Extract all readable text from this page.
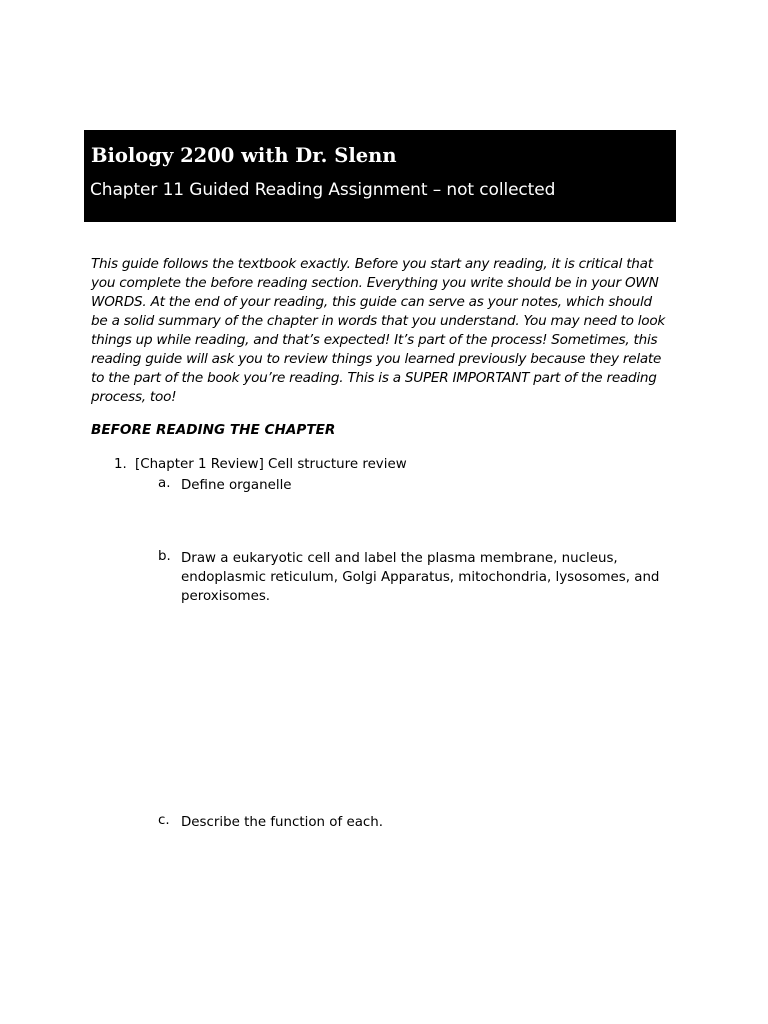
Biology 2200 with Dr. Slenn
Chapter 11 Guided Reading Assignment – not collected

This guide follows the textbook exactly. Before you start any reading, it is critical that
you complete the before reading section. Everything you write should be in your OWN
WORDS. At the end of your reading, this guide can serve as your notes, which should
be a solid summary of the chapter in words that you understand. You may need to look
things up while reading, and that’s expected! It’s part of the process! Sometimes, this
reading guide will ask you to review things you learned previously because they relate
to the part of the book you’re reading. This is a SUPER IMPORTANT part of the reading
process, too!

BEFORE READING THE CHAPTER
1. [Chapter 1 Review] Cell structure review
a. Define organelle

b. Draw a eukaryotic cell and label the plasma membrane, nucleus,
endoplasmic reticulum, Golgi Apparatus, mitochondria, lysosomes, and
peroxisomes.

c. Describe the function of each.
